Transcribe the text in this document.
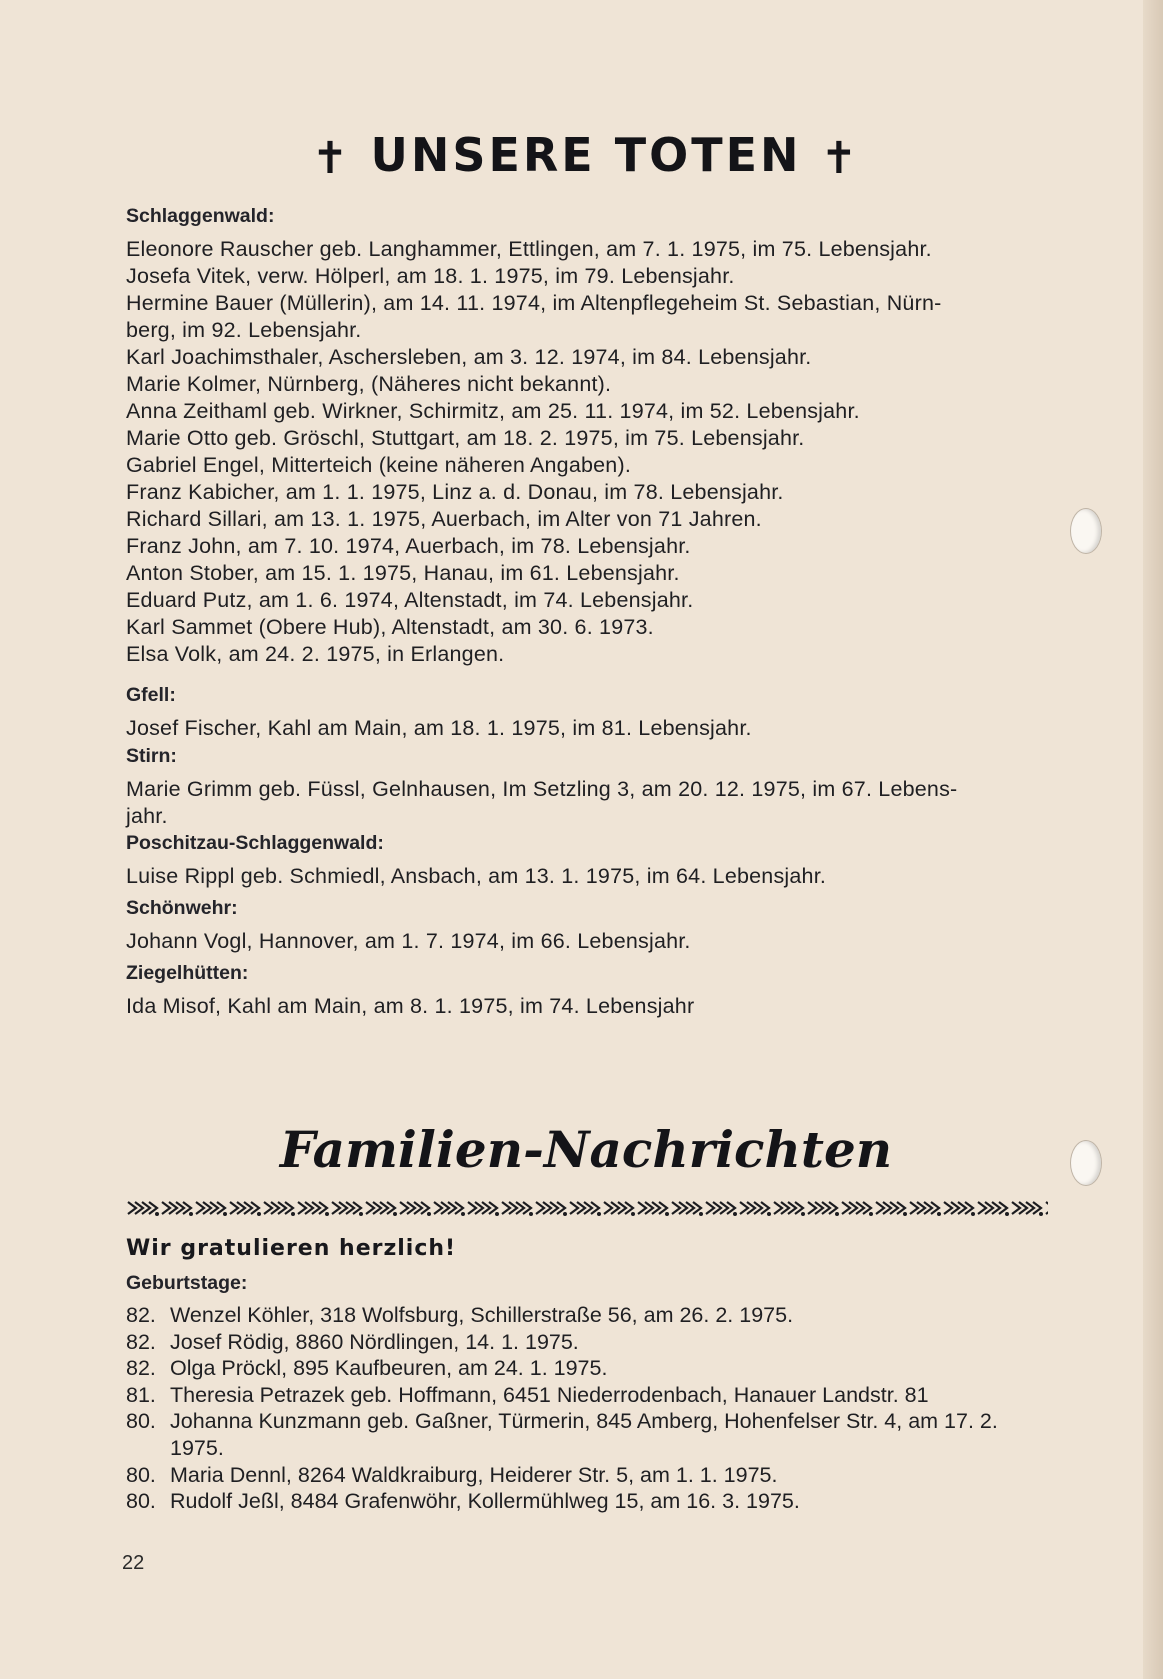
✝ UNSERE TOTEN ✝
Schlaggenwald:
Eleonore Rauscher geb. Langhammer, Ettlingen, am 7. 1. 1975, im 75. Lebensjahr.
Josefa Vitek, verw. Hölperl, am 18. 1. 1975, im 79. Lebensjahr.
Hermine Bauer (Müllerin), am 14. 11. 1974, im Altenpflegeheim St. Sebastian, Nürn-
berg, im 92. Lebensjahr.
Karl Joachimsthaler, Aschersleben, am 3. 12. 1974, im 84. Lebensjahr.
Marie Kolmer, Nürnberg, (Näheres nicht bekannt).
Anna Zeithaml geb. Wirkner, Schirmitz, am 25. 11. 1974, im 52. Lebensjahr.
Marie Otto geb. Gröschl, Stuttgart, am 18. 2. 1975, im 75. Lebensjahr.
Gabriel Engel, Mitterteich (keine näheren Angaben).
Franz Kabicher, am 1. 1. 1975, Linz a. d. Donau, im 78. Lebensjahr.
Richard Sillari, am 13. 1. 1975, Auerbach, im Alter von 71 Jahren.
Franz John, am 7. 10. 1974, Auerbach, im 78. Lebensjahr.
Anton Stober, am 15. 1. 1975, Hanau, im 61. Lebensjahr.
Eduard Putz, am 1. 6. 1974, Altenstadt, im 74. Lebensjahr.
Karl Sammet (Obere Hub), Altenstadt, am 30. 6. 1973.
Elsa Volk, am 24. 2. 1975, in Erlangen.
Gfell:
Josef Fischer, Kahl am Main, am 18. 1. 1975, im 81. Lebensjahr.
Stirn:
Marie Grimm geb. Füssl, Gelnhausen, Im Setzling 3, am 20. 12. 1975, im 67. Lebens-
jahr.
Poschitzau-Schlaggenwald:
Luise Rippl geb. Schmiedl, Ansbach, am 13. 1. 1975, im 64. Lebensjahr.
Schönwehr:
Johann Vogl, Hannover, am 1. 7. 1974, im 66. Lebensjahr.
Ziegelhütten:
Ida Misof, Kahl am Main, am 8. 1. 1975, im 74. Lebensjahr
Familien-Nachrichten
Wir gratulieren herzlich!
Geburtstage:
82. Wenzel Köhler, 318 Wolfsburg, Schillerstraße 56, am 26. 2. 1975.
82. Josef Rödig, 8860 Nördlingen, 14. 1. 1975.
82. Olga Pröckl, 895 Kaufbeuren, am 24. 1. 1975.
81. Theresia Petrazek geb. Hoffmann, 6451 Niederrodenbach, Hanauer Landstr. 81
80. Johanna Kunzmann geb. Gaßner, Türmerin, 845 Amberg, Hohenfelser Str. 4, am 17. 2. 1975.
80. Maria Dennl, 8264 Waldkraiburg, Heiderer Str. 5, am 1. 1. 1975.
80. Rudolf Jeßl, 8484 Grafenwöhr, Kollermühlweg 15, am 16. 3. 1975.
22
